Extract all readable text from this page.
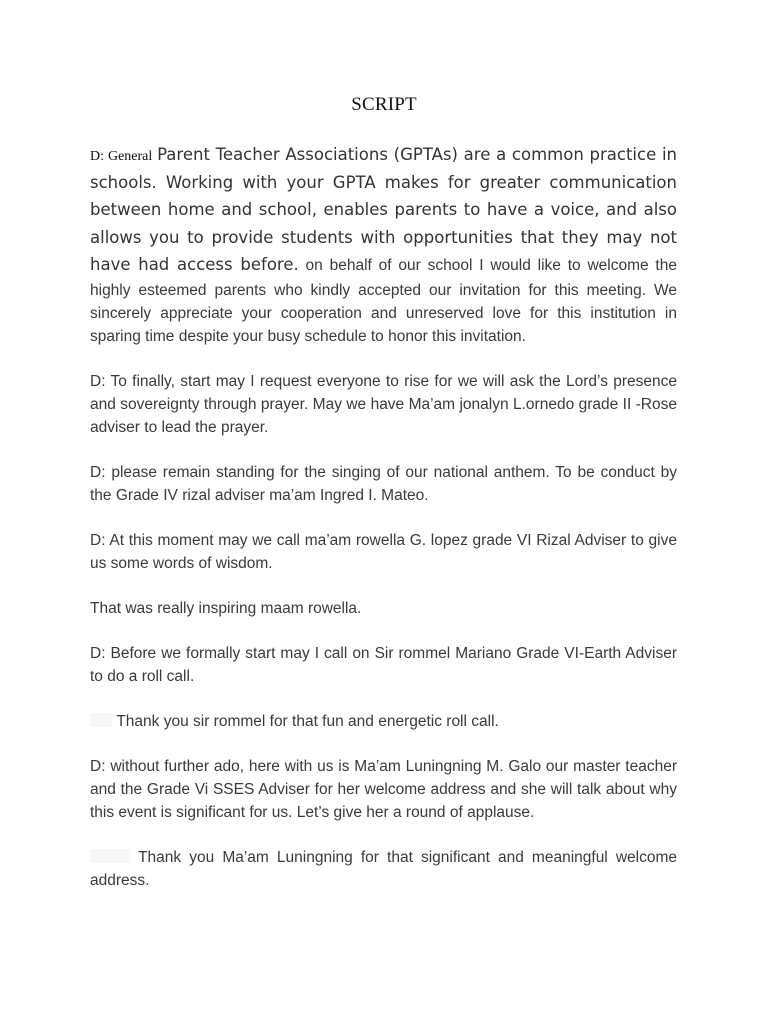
SCRIPT

D: General Parent Teacher Associations (GPTAs) are a common practice in schools. Working with your GPTA makes for greater communication between home and school, enables parents to have a voice, and also allows you to provide students with opportunities that they may not have had access before. on behalf of our school I would like to welcome the highly esteemed parents who kindly accepted our invitation for this meeting. We sincerely appreciate your cooperation and unreserved love for this institution in sparing time despite your busy schedule to honor this invitation.

D: To finally, start may I request everyone to rise for we will ask the Lord’s presence and sovereignty through prayer. May we have Ma’am jonalyn L.ornedo grade II -Rose adviser to lead the prayer.

D: please remain standing for the singing of our national anthem. To be conduct by the Grade IV rizal adviser ma’am Ingred I. Mateo.

D: At this moment may we call ma’am rowella G. lopez grade VI Rizal Adviser to give us some words of wisdom.

That was really inspiring maam rowella.

D: Before we formally start may I call on Sir rommel Mariano Grade VI-Earth Adviser to do a roll call.

Thank you sir rommel for that fun and energetic roll call.

D: without further ado, here with us is Ma’am Luningning M. Galo our master teacher and the Grade Vi SSES Adviser for her welcome address and she will talk about why this event is significant for us. Let’s give her a round of applause.

Thank you Ma’am Luningning for that significant and meaningful welcome address.
